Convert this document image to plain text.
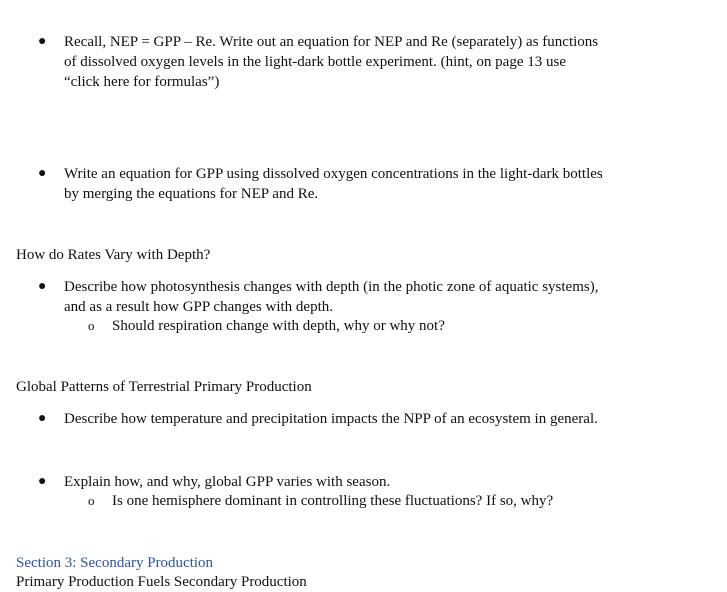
● Recall, NEP = GPP – Re. Write out an equation for NEP and Re (separately) as functions
of dissolved oxygen levels in the light-dark bottle experiment. (hint, on page 13 use
“click here for formulas”)
● Write an equation for GPP using dissolved oxygen concentrations in the light-dark bottles
by merging the equations for NEP and Re.
How do Rates Vary with Depth?
● Describe how photosynthesis changes with depth (in the photic zone of aquatic systems),
and as a result how GPP changes with depth.
o Should respiration change with depth, why or why not?
Global Patterns of Terrestrial Primary Production
● Describe how temperature and precipitation impacts the NPP of an ecosystem in general.
● Explain how, and why, global GPP varies with season.
o Is one hemisphere dominant in controlling these fluctuations? If so, why?
Section 3: Secondary Production
Primary Production Fuels Secondary Production
